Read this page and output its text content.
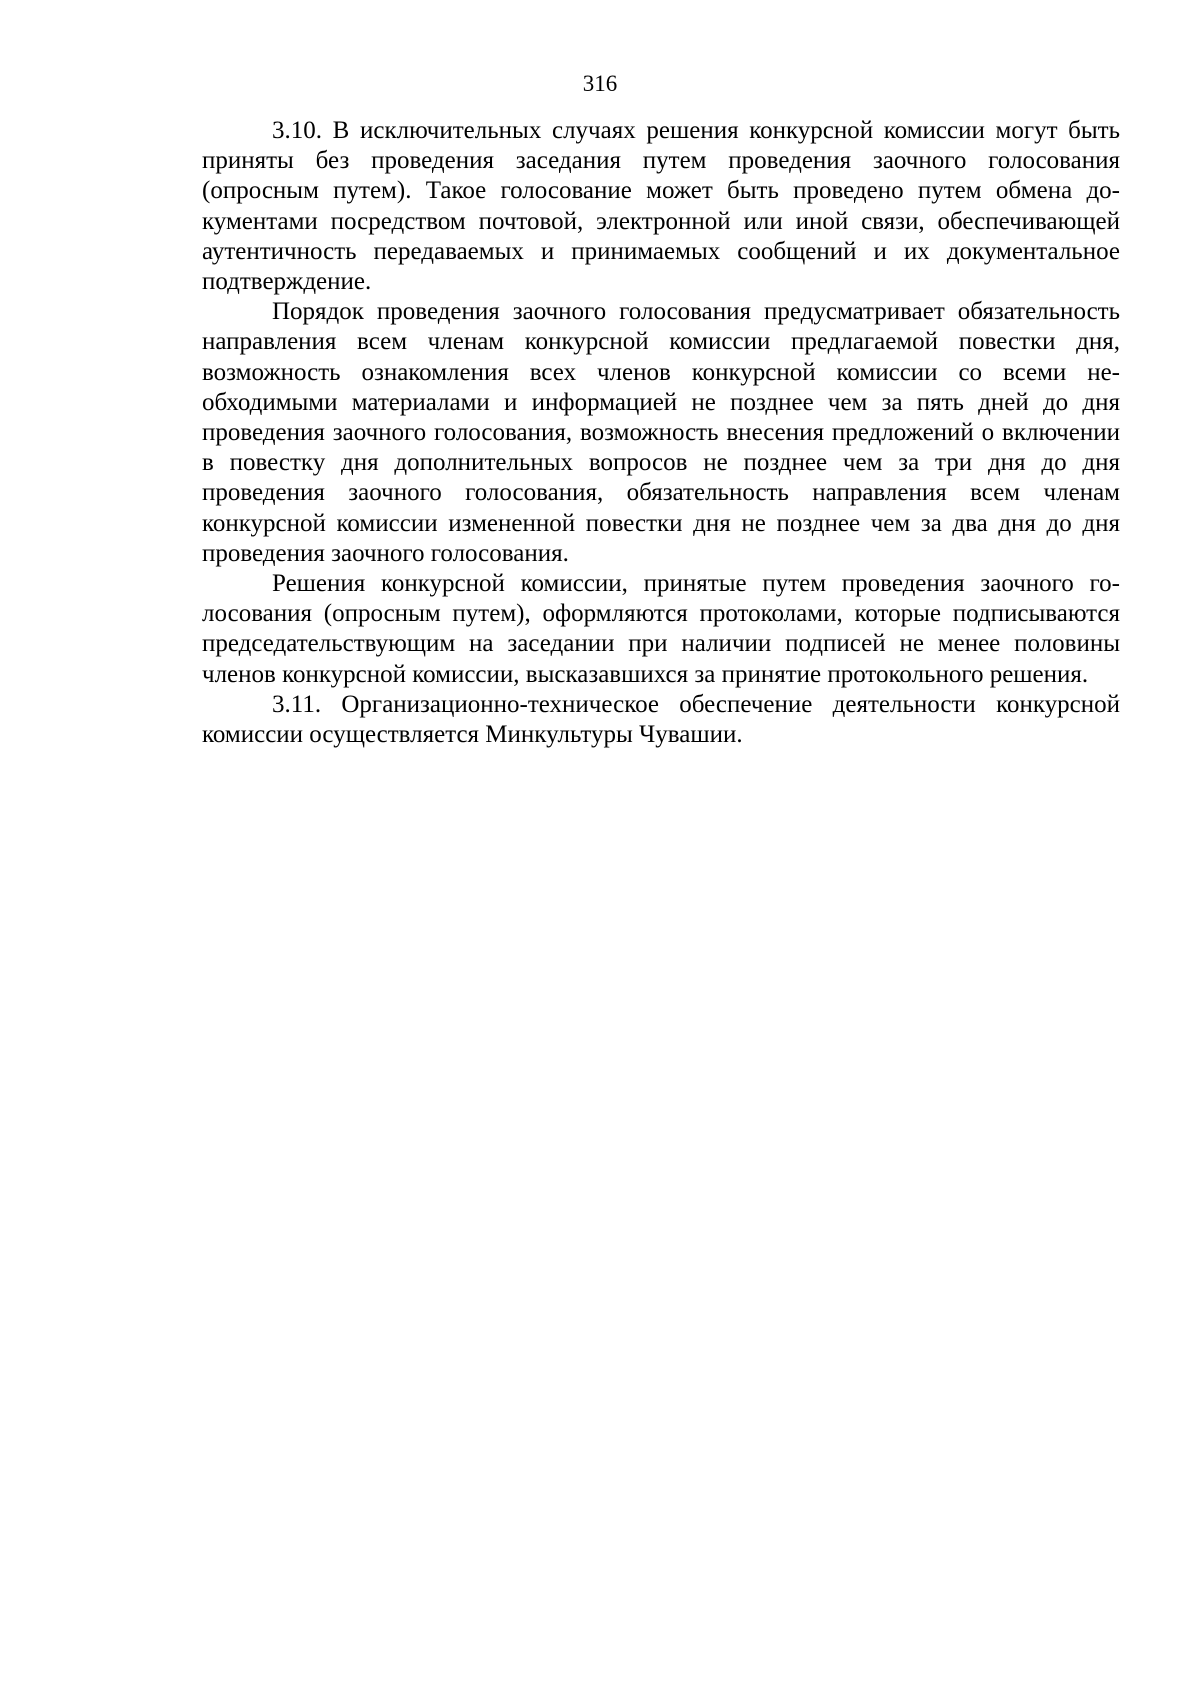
316

3.10. В исключительных случаях решения конкурсной комиссии могут быть приняты без проведения заседания путем проведения заочного голосования (опросным путем). Такое голосование может быть проведено путем обмена документами посредством почтовой, электронной или иной связи, обеспечивающей аутентичность передаваемых и принимаемых сообщений и их документальное подтверждение.

Порядок проведения заочного голосования предусматривает обязательность направления всем членам конкурсной комиссии предлагаемой повестки дня, возможность ознакомления всех членов конкурсной комиссии со всеми необходимыми материалами и информацией не позднее чем за пять дней до дня проведения заочного голосования, возможность внесения предложений о включении в повестку дня дополнительных вопросов не позднее чем за три дня до дня проведения заочного голосования, обязательность направления всем членам конкурсной комиссии измененной повестки дня не позднее чем за два дня до дня проведения заочного голосования.

Решения конкурсной комиссии, принятые путем проведения заочного голосования (опросным путем), оформляются протоколами, которые подписываются председательствующим на заседании при наличии подписей не менее половины членов конкурсной комиссии, высказавшихся за принятие протокольного решения.

3.11. Организационно-техническое обеспечение деятельности конкурсной комиссии осуществляется Минкультуры Чувашии.
